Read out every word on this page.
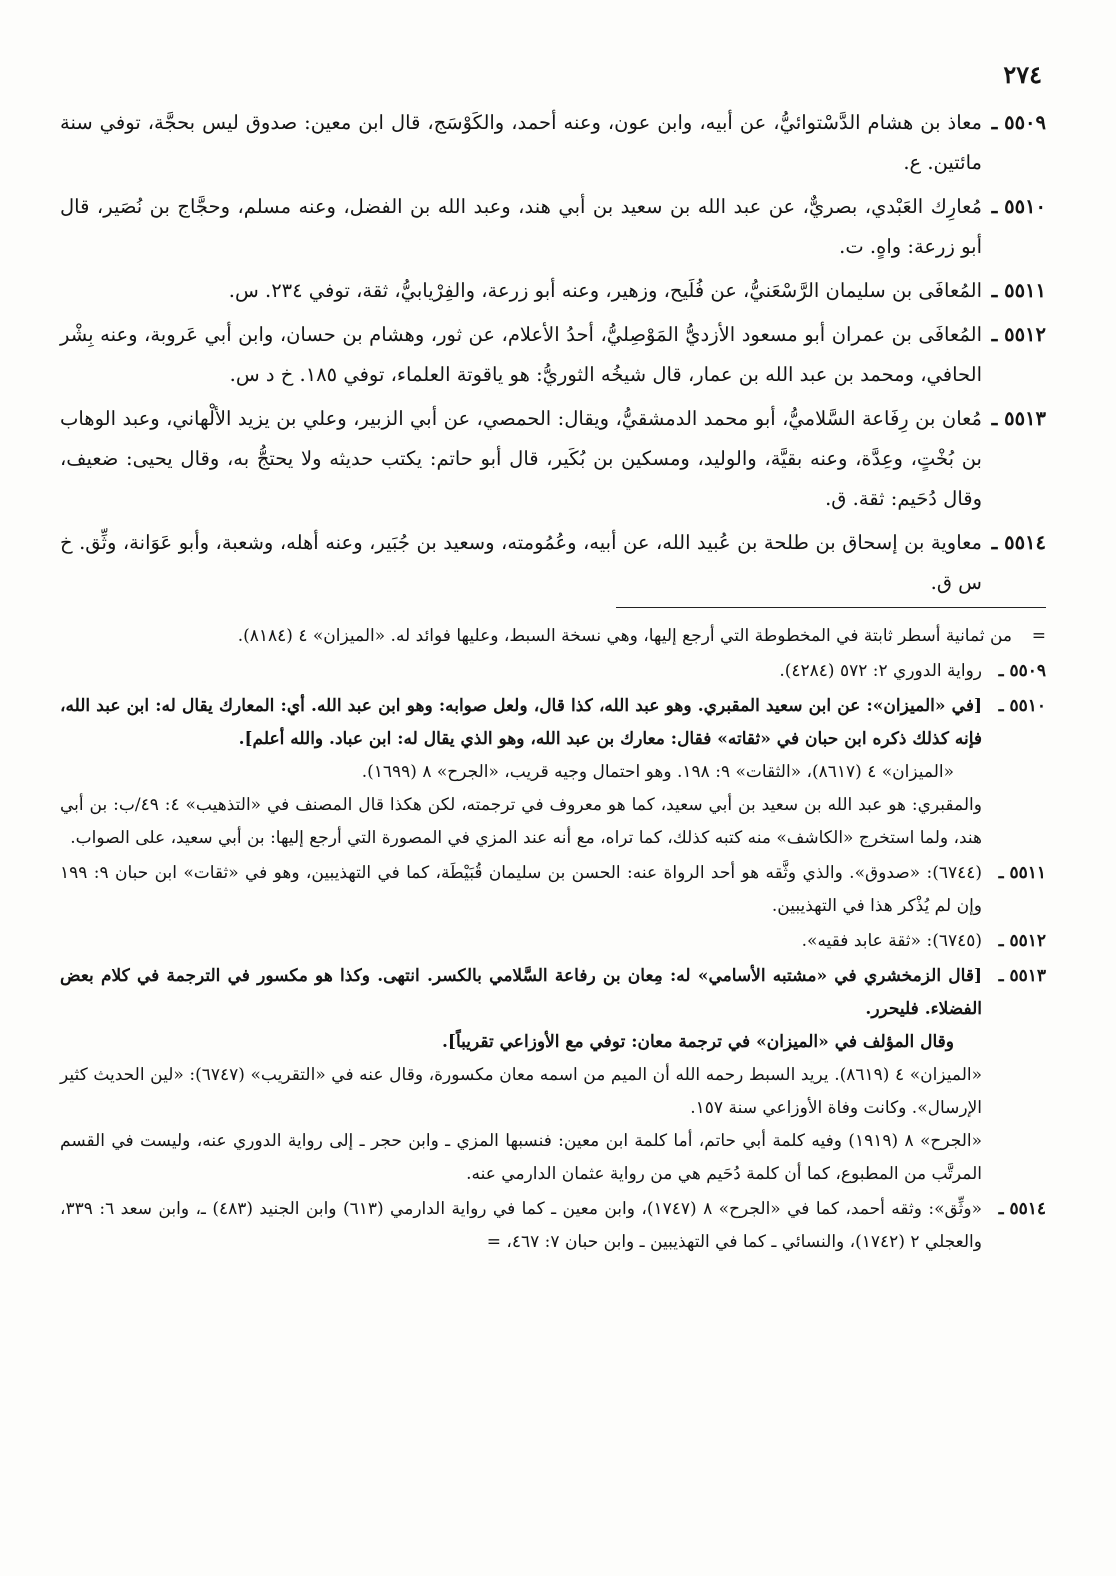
٢٧٤
٥٥٠٩ ـ
معاذ بن هشام الدَّسْتوائيُّ، عن أبيه، وابن عون، وعنه أحمد، والكَوْسَج، قال ابن معين: صدوق ليس بحجَّة، توفي سنة مائتين. ع.
٥٥١٠ ـ
مُعارِك العَبْدي، بصريٌّ، عن عبد الله بن سعيد بن أبي هند، وعبد الله بن الفضل، وعنه مسلم، وحجَّاج بن نُصَير، قال أبو زرعة: واهٍ. ت.
٥٥١١ ـ
المُعافَى بن سليمان الرَّسْعَنيُّ، عن فُلَيح، وزهير، وعنه أبو زرعة، والفِرْيابيُّ، ثقة، توفي ٢٣٤. س.
٥٥١٢ ـ
المُعافَى بن عمران أبو مسعود الأزديُّ المَوْصِليُّ، أحدُ الأعلام، عن ثور، وهشام بن حسان، وابن أبي عَروبة، وعنه بِشْر الحافي، ومحمد بن عبد الله بن عمار، قال شيخُه الثوريُّ: هو ياقوتة العلماء، توفي ١٨٥. خ د س.
٥٥١٣ ـ
مُعان بن رِفَاعة السَّلاميُّ، أبو محمد الدمشقيُّ، ويقال: الحمصي، عن أبي الزبير، وعلي بن يزيد الألْهاني، وعبد الوهاب بن بُخْتٍ، وعِدَّة، وعنه بقيَّة، والوليد، ومسكين بن بُكَير، قال أبو حاتم: يكتب حديثه ولا يحتجُّ به، وقال يحيى: ضعيف، وقال دُحَيم: ثقة. ق.
٥٥١٤ ـ
معاوية بن إسحاق بن طلحة بن عُبيد الله، عن أبيه، وعُمُومته، وسعيد بن جُبَير، وعنه أهله، وشعبة، وأبو عَوَانة، وثِّق. خ س ق.
=

من ثمانية أسطر ثابتة في المخطوطة التي أرجع إليها، وهي نسخة السبط، وعليها فوائد له. «الميزان» ٤ (٨١٨٤).

٥٥٠٩ ـ

رواية الدوري ٢: ٥٧٢ (٤٢٨٤).

٥٥١٠ ـ

[في «الميزان»: عن ابن سعيد المقبري. وهو عبد الله، كذا قال، ولعل صوابه: وهو ابن عبد الله. أي: المعارك يقال له: ابن عبد الله، فإنه كذلك ذكره ابن حبان في «ثقاته» فقال: معارك بن عبد الله، وهو الذي يقال له: ابن عباد. والله أعلم].

«الميزان» ٤ (٨٦١٧)، «الثقات» ٩: ١٩٨. وهو احتمال وجيه قريب، «الجرح» ٨ (١٦٩٩).

والمقبري: هو عبد الله بن سعيد بن أبي سعيد، كما هو معروف في ترجمته، لكن هكذا قال المصنف في «التذهيب» ٤: ٤٩/ب: بن أبي هند، ولما استخرج «الكاشف» منه كتبه كذلك، كما تراه، مع أنه عند المزي في المصورة التي أرجع إليها: بن أبي سعيد، على الصواب.

٥٥١١ ـ

(٦٧٤٤): «صدوق». والذي وثَّقه هو أحد الرواة عنه: الحسن بن سليمان قُبَيْطَة، كما في التهذيبين، وهو في «ثقات» ابن حبان ٩: ١٩٩ وإن لم يُذْكر هذا في التهذيبين.

٥٥١٢ ـ

(٦٧٤٥): «ثقة عابد فقيه».

٥٥١٣ ـ

[قال الزمخشري في «مشتبه الأسامي» له: مِعان بن رفاعة السَّلامي بالكسر. انتهى. وكذا هو مكسور في الترجمة في كلام بعض الفضلاء. فليحرر.

وقال المؤلف في «الميزان» في ترجمة معان: توفي مع الأوزاعي تقريباً].

«الميزان» ٤ (٨٦١٩). يريد السبط رحمه الله أن الميم من اسمه معان مكسورة، وقال عنه في «التقريب» (٦٧٤٧): «لين الحديث كثير الإرسال». وكانت وفاة الأوزاعي سنة ١٥٧.

«الجرح» ٨ (١٩١٩) وفيه كلمة أبي حاتم، أما كلمة ابن معين: فنسبها المزي ـ وابن حجر ـ إلى رواية الدوري عنه، وليست في القسم المرتَّب من المطبوع، كما أن كلمة دُحَيم هي من رواية عثمان الدارمي عنه.

٥٥١٤ ـ

«وثِّق»: وثقه أحمد، كما في «الجرح» ٨ (١٧٤٧)، وابن معين ـ كما في رواية الدارمي (٦١٣) وابن الجنيد (٤٨٣) ـ، وابن سعد ٦: ٣٣٩، والعجلي ٢ (١٧٤٢)، والنسائي ـ كما في التهذيبين ـ وابن حبان ٧: ٤٦٧، =
